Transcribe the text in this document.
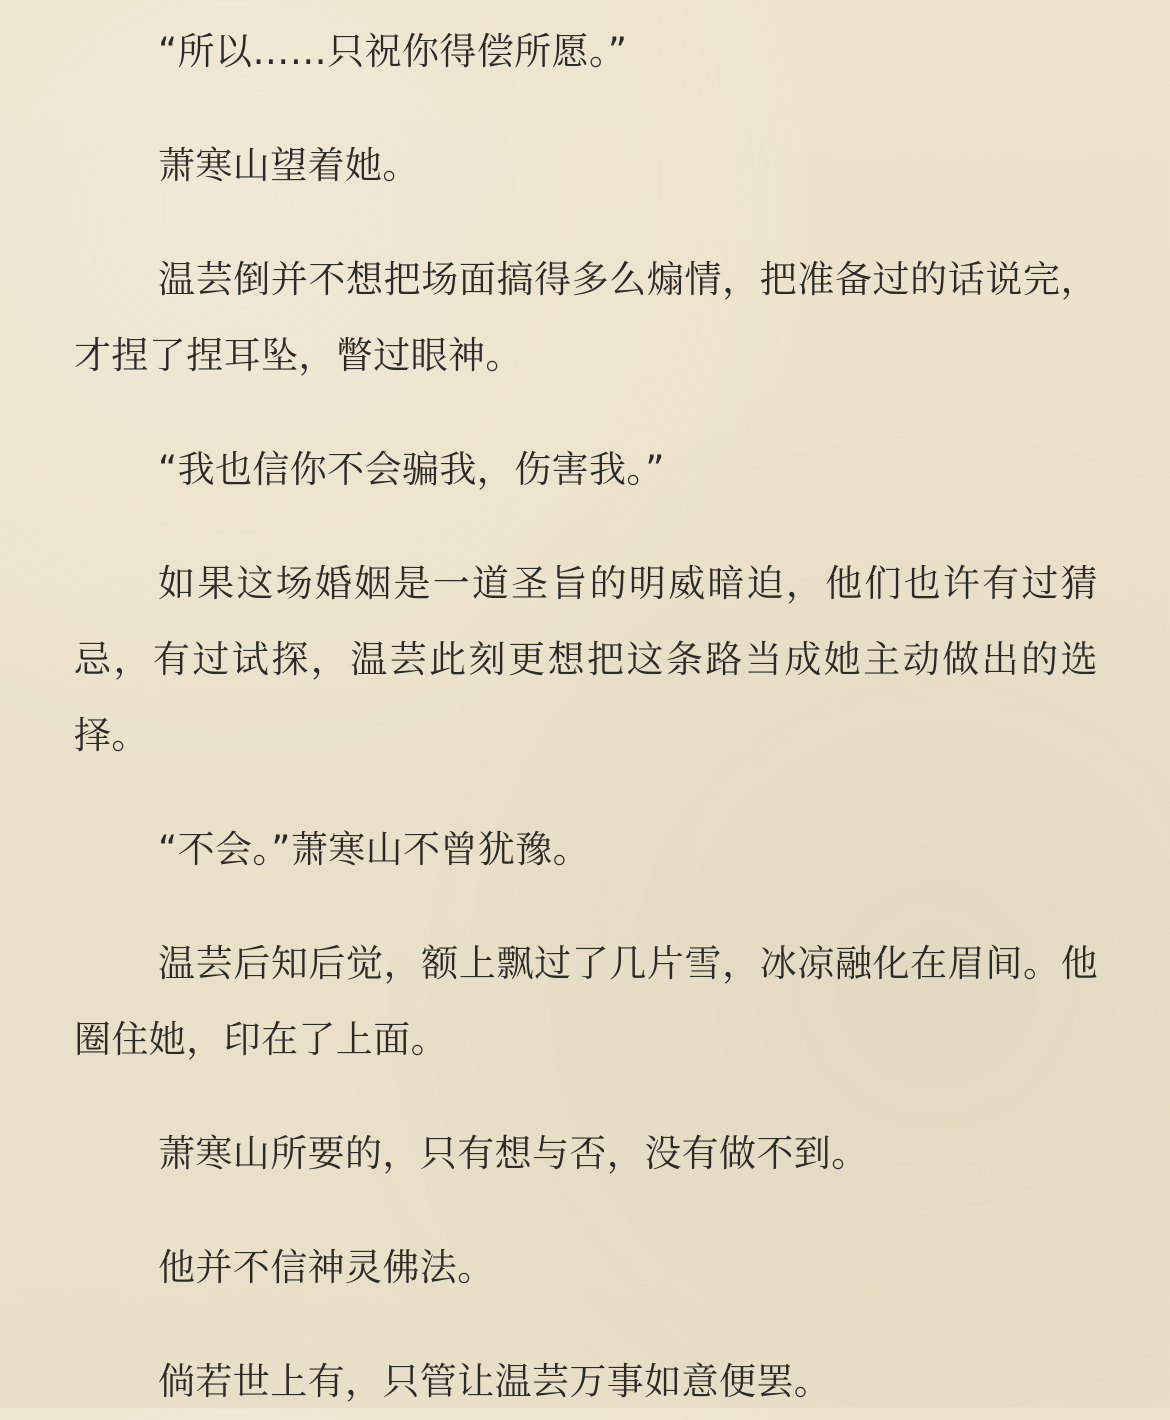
“所以……只祝你得偿所愿。”

萧寒山望着她。

温芸倒并不想把场面搞得多么煽情，把准备过的话说完，才捏了捏耳坠，瞥过眼神。

“我也信你不会骗我，伤害我。”

如果这场婚姻是一道圣旨的明威暗迫，他们也许有过猜忌，有过试探，温芸此刻更想把这条路当成她主动做出的选择。

“不会。”萧寒山不曾犹豫。

温芸后知后觉，额上飘过了几片雪，冰凉融化在眉间。他圈住她，印在了上面。

萧寒山所要的，只有想与否，没有做不到。

他并不信神灵佛法。

倘若世上有，只管让温芸万事如意便罢。
